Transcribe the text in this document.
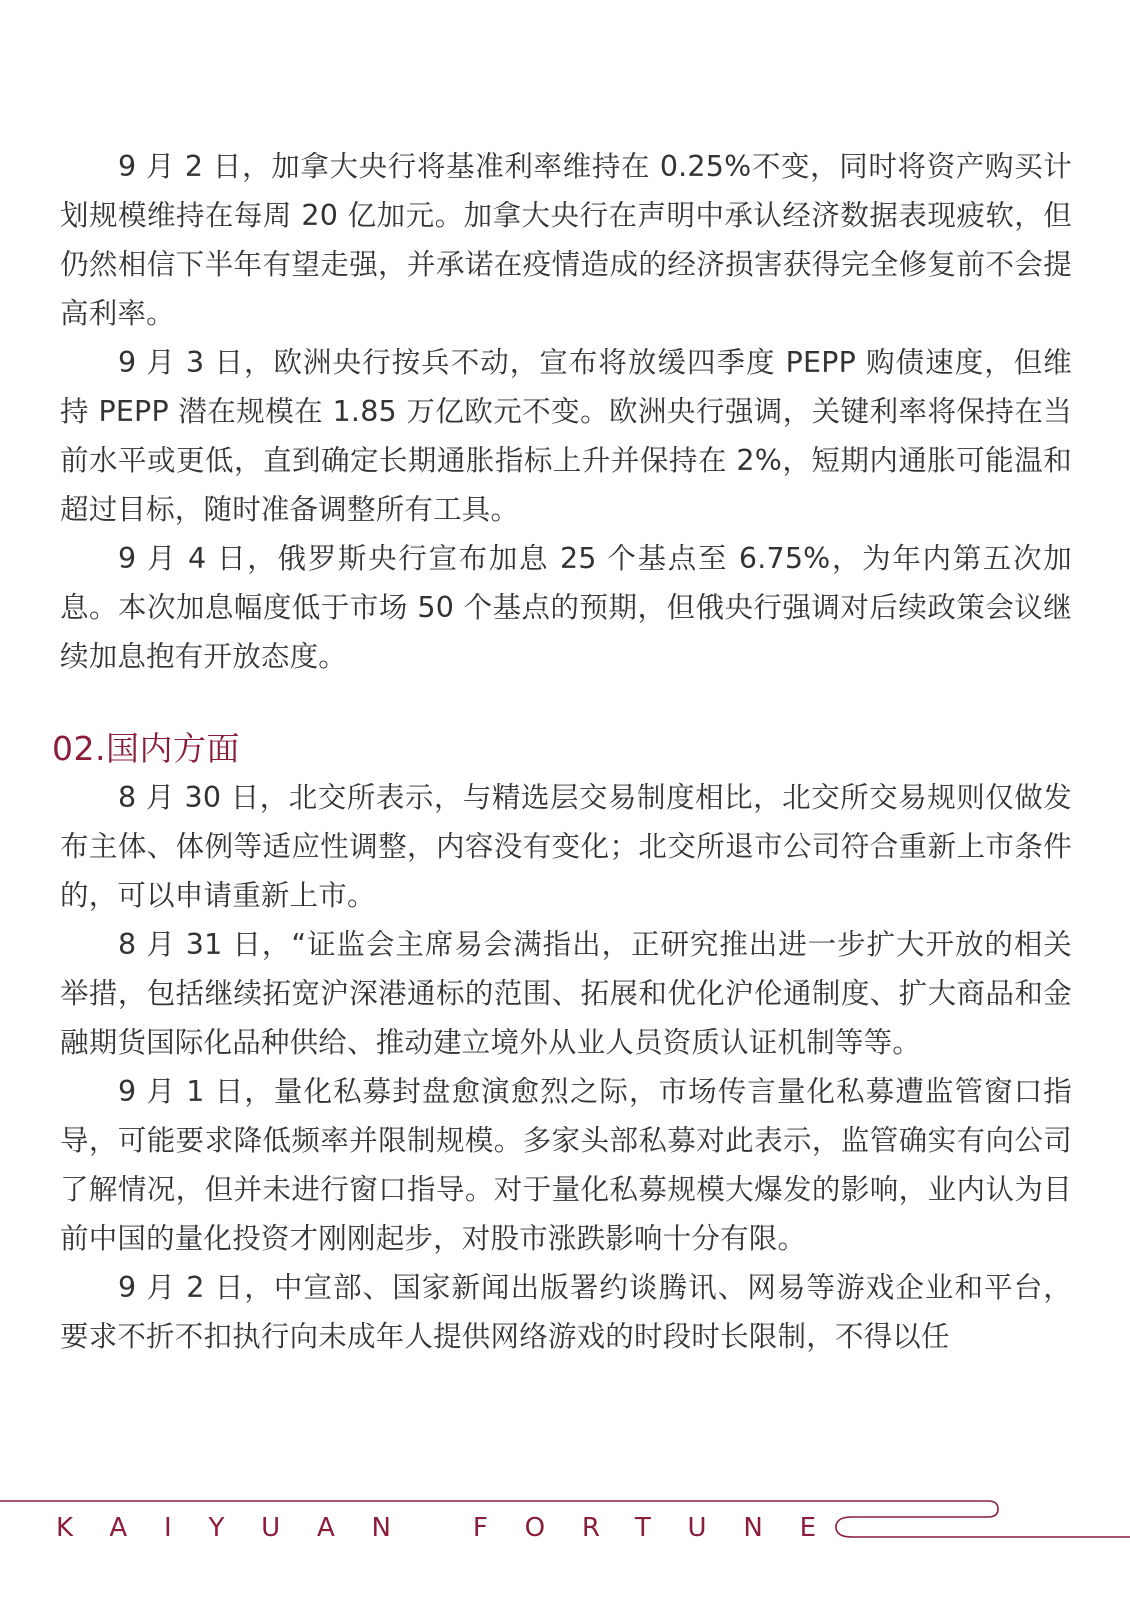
9 月 2 日，加拿大央行将基准利率维持在 0.25%不变，同时将资产购买计划规模维持在每周 20 亿加元。加拿大央行在声明中承认经济数据表现疲软，但仍然相信下半年有望走强，并承诺在疫情造成的经济损害获得完全修复前不会提高利率。

9 月 3 日，欧洲央行按兵不动，宣布将放缓四季度 PEPP 购债速度，但维持 PEPP 潜在规模在 1.85 万亿欧元不变。欧洲央行强调，关键利率将保持在当前水平或更低，直到确定长期通胀指标上升并保持在 2%，短期内通胀可能温和超过目标，随时准备调整所有工具。

9 月 4 日，俄罗斯央行宣布加息 25 个基点至 6.75%，为年内第五次加息。本次加息幅度低于市场 50 个基点的预期，但俄央行强调对后续政策会议继续加息抱有开放态度。

02.国内方面

8 月 30 日，北交所表示，与精选层交易制度相比，北交所交易规则仅做发布主体、体例等适应性调整，内容没有变化；北交所退市公司符合重新上市条件的，可以申请重新上市。

8 月 31 日，“证监会主席易会满指出，正研究推出进一步扩大开放的相关举措，包括继续拓宽沪深港通标的范围、拓展和优化沪伦通制度、扩大商品和金融期货国际化品种供给、推动建立境外从业人员资质认证机制等等。

9 月 1 日，量化私募封盘愈演愈烈之际，市场传言量化私募遭监管窗口指导，可能要求降低频率并限制规模。多家头部私募对此表示，监管确实有向公司了解情况，但并未进行窗口指导。对于量化私募规模大爆发的影响，业内认为目前中国的量化投资才刚刚起步，对股市涨跌影响十分有限。

9 月 2 日，中宣部、国家新闻出版署约谈腾讯、网易等游戏企业和平台，要求不折不扣执行向未成年人提供网络游戏的时段时长限制，不得以任

KAIYUAN FORTUNE
